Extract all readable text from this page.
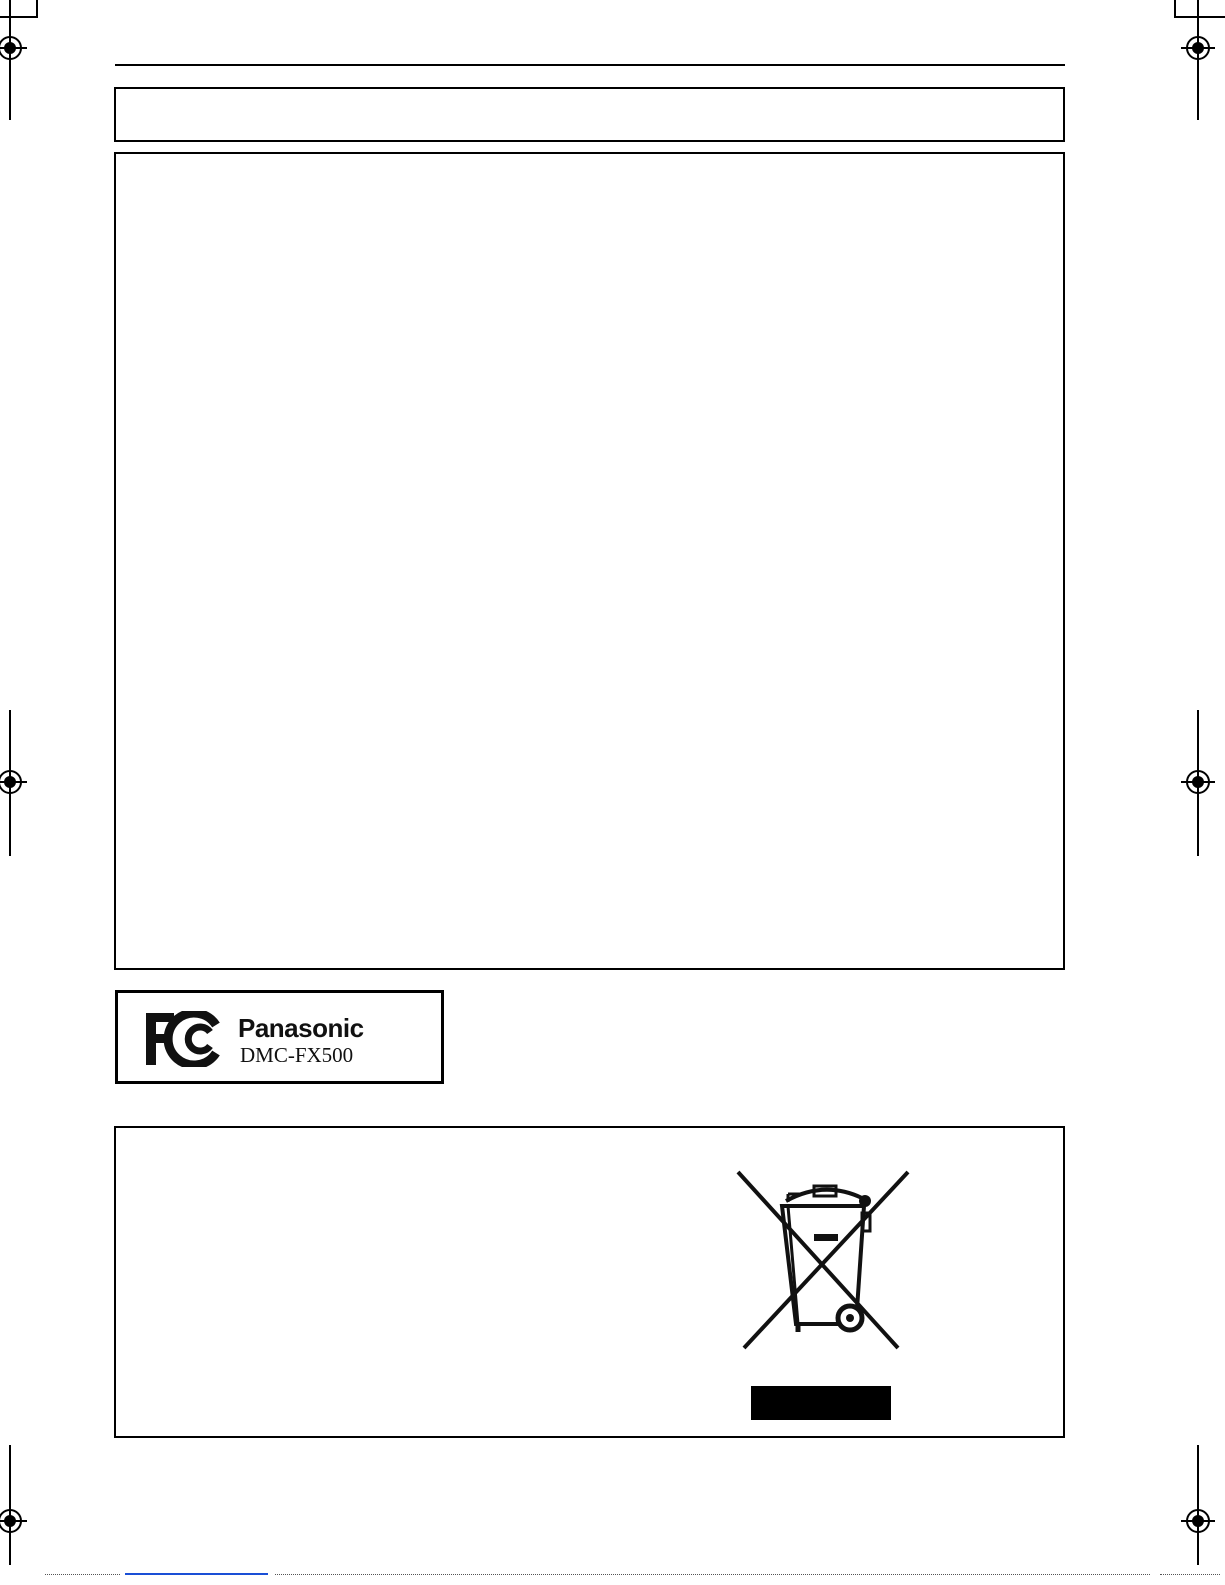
Panasonic
DMC-FX500
